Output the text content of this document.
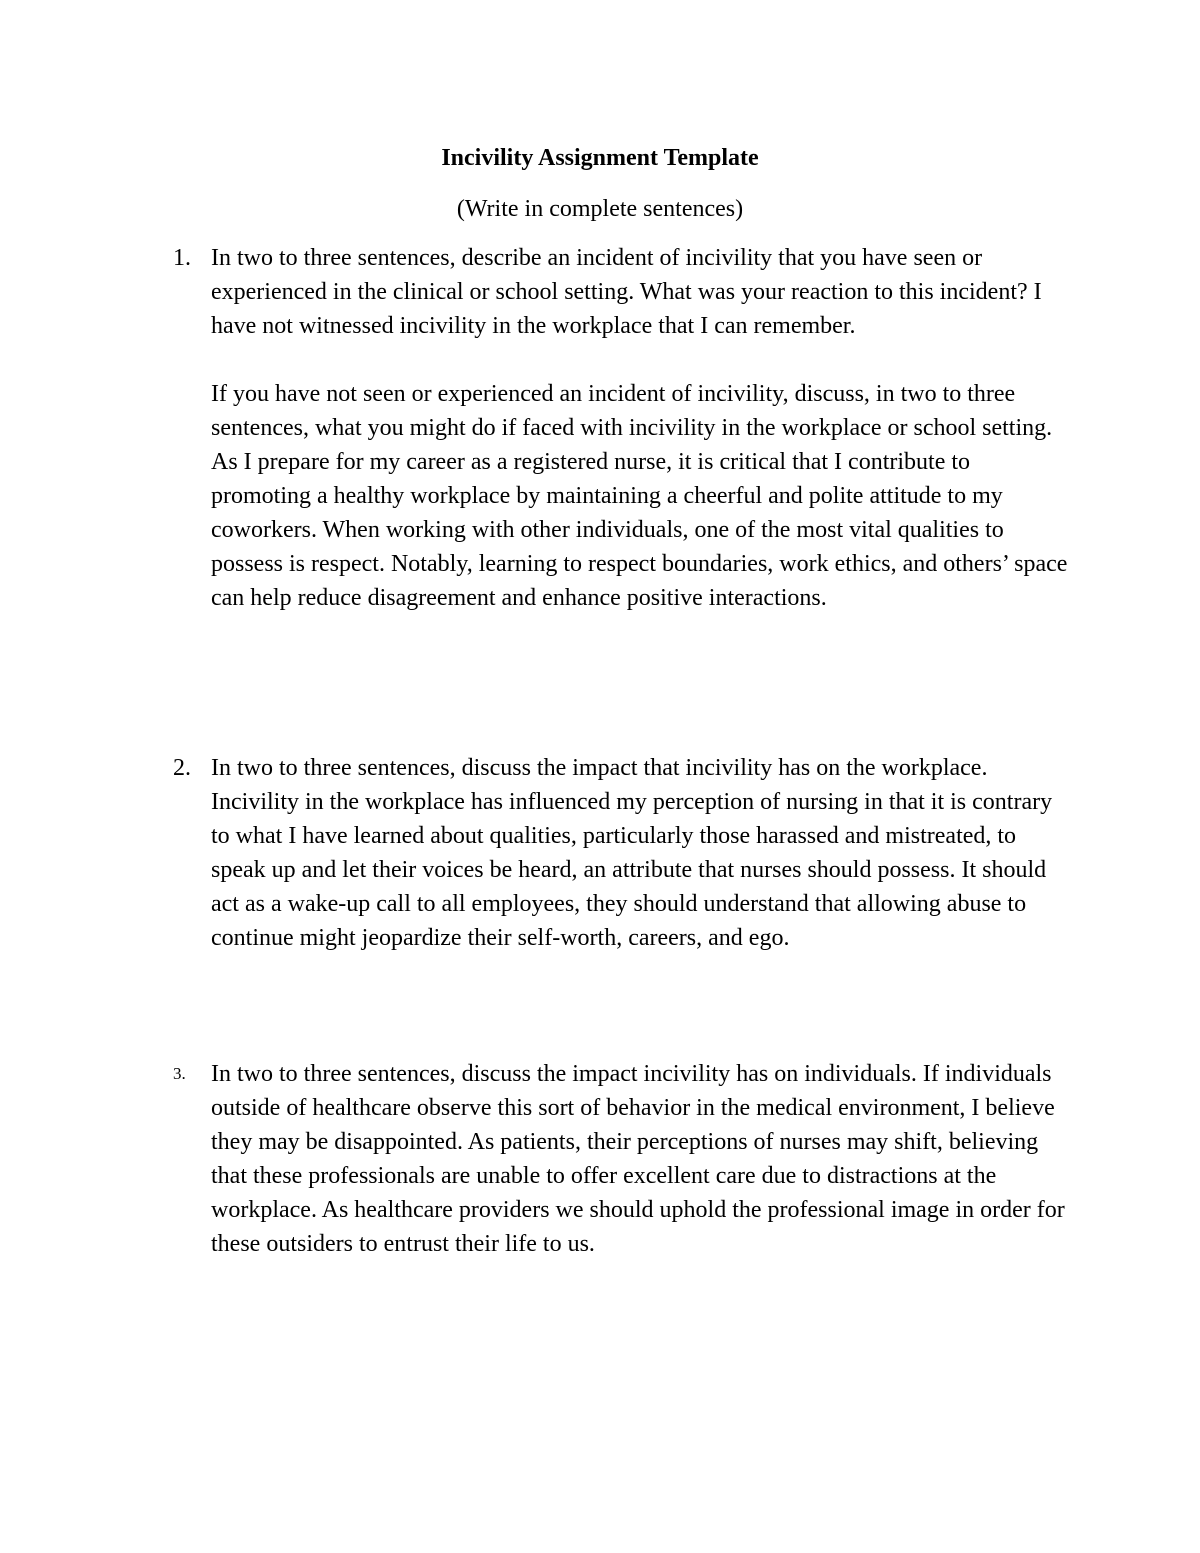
Incivility Assignment Template
(Write in complete sentences)
1. In two to three sentences, describe an incident of incivility that you have seen or experienced in the clinical or school setting. What was your reaction to this incident? I have not witnessed incivility in the workplace that I can remember.

If you have not seen or experienced an incident of incivility, discuss, in two to three sentences, what you might do if faced with incivility in the workplace or school setting. As I prepare for my career as a registered nurse, it is critical that I contribute to promoting a healthy workplace by maintaining a cheerful and polite attitude to my coworkers. When working with other individuals, one of the most vital qualities to possess is respect. Notably, learning to respect boundaries, work ethics, and others’ space can help reduce disagreement and enhance positive interactions.

2. In two to three sentences, discuss the impact that incivility has on the workplace. Incivility in the workplace has influenced my perception of nursing in that it is contrary to what I have learned about qualities, particularly those harassed and mistreated, to speak up and let their voices be heard, an attribute that nurses should possess. It should act as a wake-up call to all employees, they should understand that allowing abuse to continue might jeopardize their self-worth, careers, and ego.

3. In two to three sentences, discuss the impact incivility has on individuals. If individuals outside of healthcare observe this sort of behavior in the medical environment, I believe they may be disappointed. As patients, their perceptions of nurses may shift, believing that these professionals are unable to offer excellent care due to distractions at the workplace. As healthcare providers we should uphold the professional image in order for these outsiders to entrust their life to us.
